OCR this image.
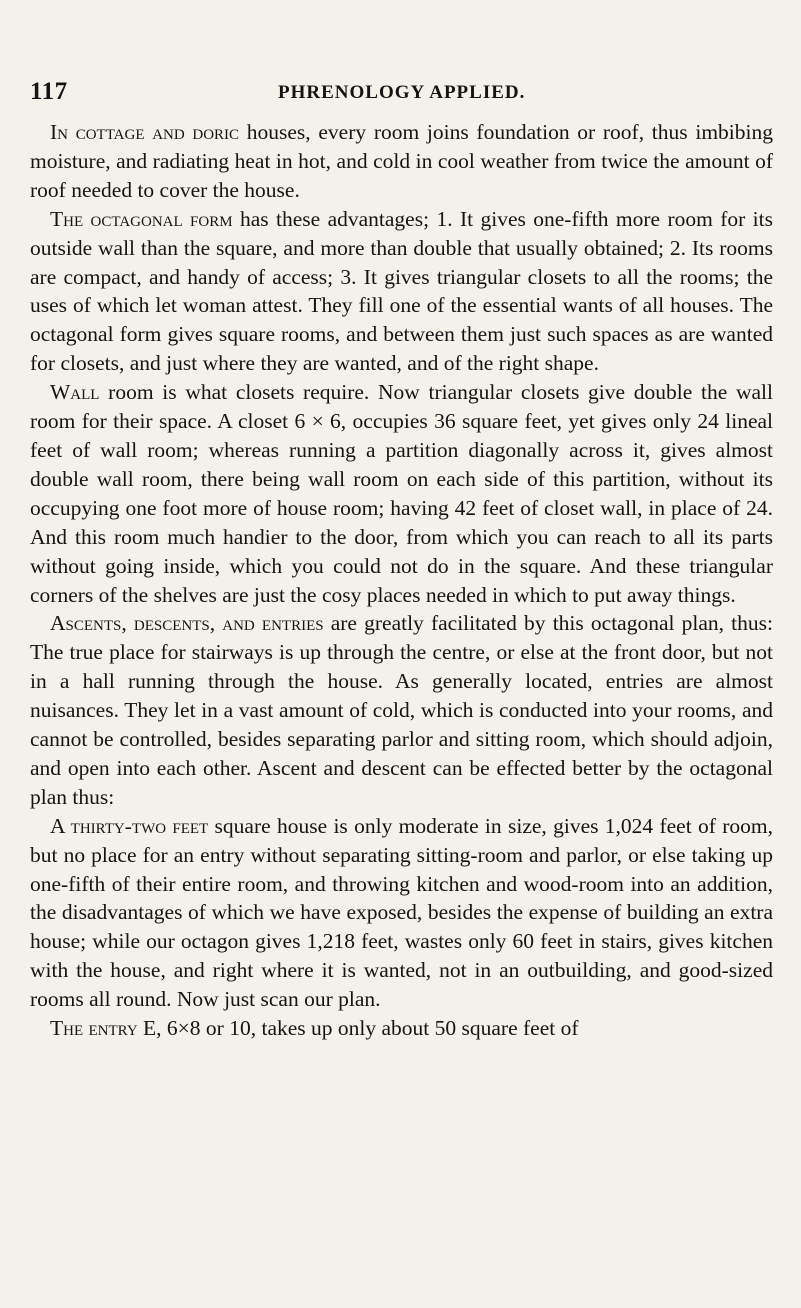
117	PHRENOLOGY APPLIED.

In cottage and doric houses, every room joins foundation or roof, thus imbibing moisture, and radiating heat in hot, and cold in cool weather from twice the amount of roof needed to cover the house.

The octagonal form has these advantages; 1. It gives one-fifth more room for its outside wall than the square, and more than double that usually obtained; 2. Its rooms are compact, and handy of access; 3. It gives triangular closets to all the rooms; the uses of which let woman attest. They fill one of the essential wants of all houses. The octagonal form gives square rooms, and between them just such spaces as are wanted for closets, and just where they are wanted, and of the right shape.

Wall room is what closets require. Now triangular closets give double the wall room for their space. A closet 6 × 6, occupies 36 square feet, yet gives only 24 lineal feet of wall room; whereas running a partition diagonally across it, gives almost double wall room, there being wall room on each side of this partition, without its occupying one foot more of house room; having 42 feet of closet wall, in place of 24. And this room much handier to the door, from which you can reach to all its parts without going inside, which you could not do in the square. And these triangular corners of the shelves are just the cosy places needed in which to put away things.

Ascents, descents, and entries are greatly facilitated by this octagonal plan, thus: The true place for stairways is up through the centre, or else at the front door, but not in a hall running through the house. As generally located, entries are almost nuisances. They let in a vast amount of cold, which is conducted into your rooms, and cannot be controlled, besides separating parlor and sitting room, which should adjoin, and open into each other. Ascent and descent can be effected better by the octagonal plan thus:

A thirty-two feet square house is only moderate in size, gives 1,024 feet of room, but no place for an entry without separating sitting-room and parlor, or else taking up one-fifth of their entire room, and throwing kitchen and wood-room into an addition, the disadvantages of which we have exposed, besides the expense of building an extra house; while our octagon gives 1,218 feet, wastes only 60 feet in stairs, gives kitchen with the house, and right where it is wanted, not in an outbuilding, and good-sized rooms all round. Now just scan our plan.

The entry E, 6×8 or 10, takes up only about 50 square feet of
